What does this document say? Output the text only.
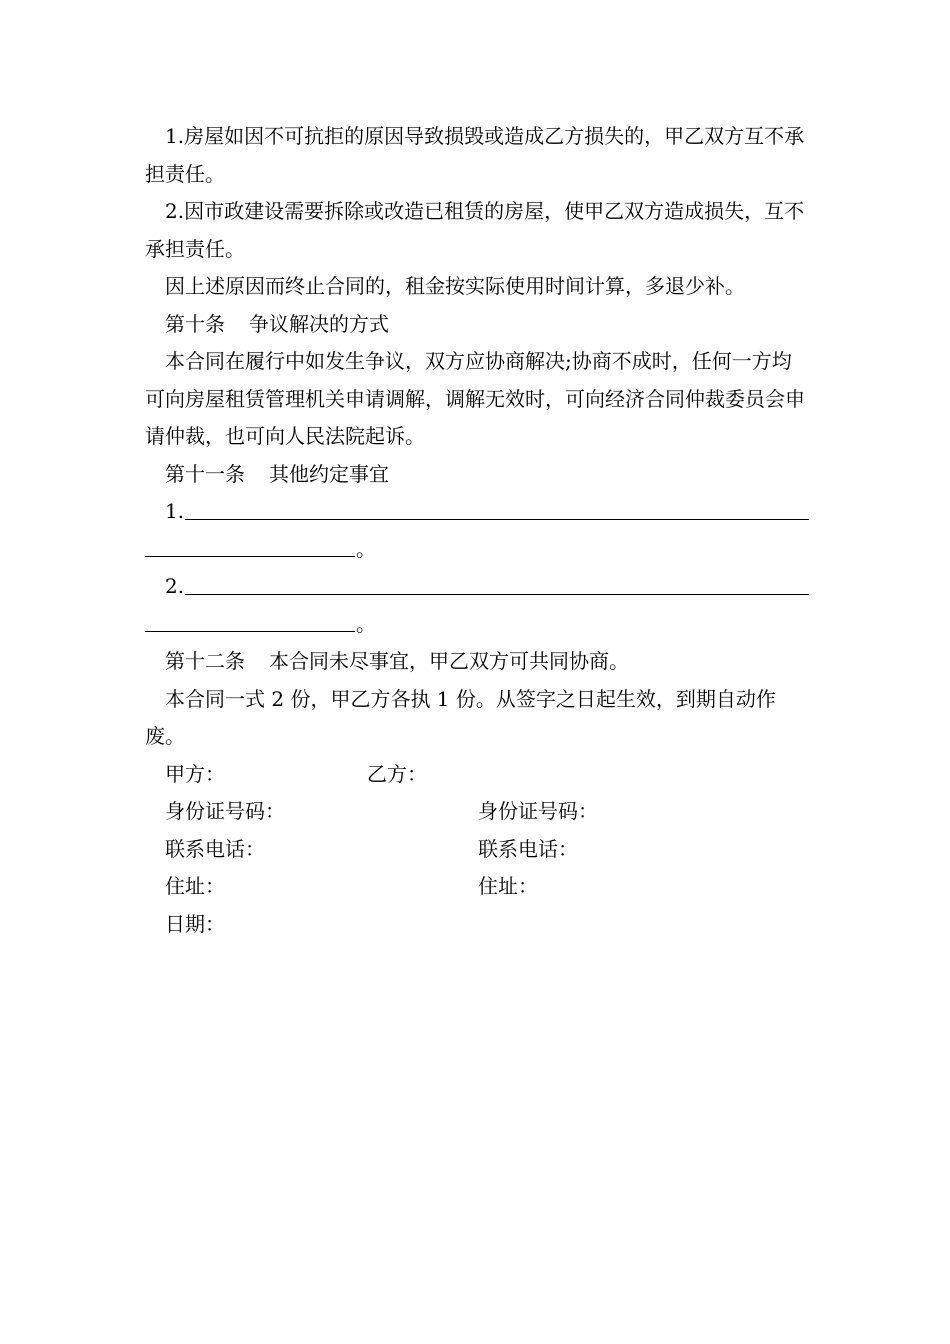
1.房屋如因不可抗拒的原因导致损毁或造成乙方损失的，甲乙双方互不承担责任。

2.因市政建设需要拆除或改造已租赁的房屋，使甲乙双方造成损失，互不承担责任。

因上述原因而终止合同的，租金按实际使用时间计算，多退少补。

第十条 争议解决的方式

本合同在履行中如发生争议，双方应协商解决;协商不成时，任何一方均可向房屋租赁管理机关申请调解，调解无效时，可向经济合同仲裁委员会申请仲裁，也可向人民法院起诉。

第十一条 其他约定事宜

1.
。
2.
。

第十二条 本合同未尽事宜，甲乙双方可共同协商。

本合同一式 2 份，甲乙方各执 1 份。从签字之日起生效，到期自动作废。

甲方：	乙方：
身份证号码：	身份证号码：
联系电话：	联系电话：
住址：	住址：
日期：
